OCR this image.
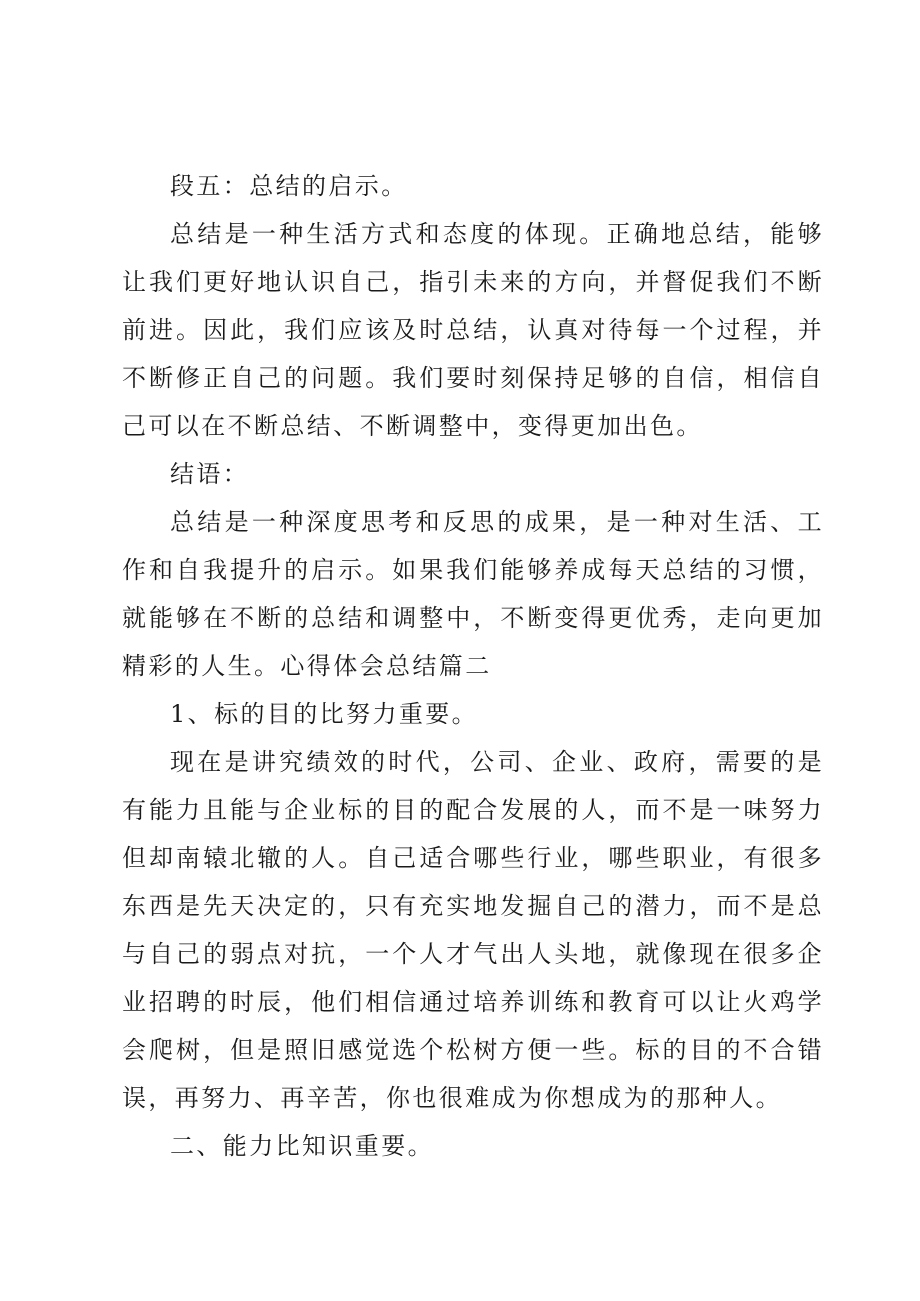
段五：总结的启示。

总结是一种生活方式和态度的体现。正确地总结，能够让我们更好地认识自己，指引未来的方向，并督促我们不断前进。因此，我们应该及时总结，认真对待每一个过程，并不断修正自己的问题。我们要时刻保持足够的自信，相信自己可以在不断总结、不断调整中，变得更加出色。

结语：

总结是一种深度思考和反思的成果，是一种对生活、工作和自我提升的启示。如果我们能够养成每天总结的习惯，就能够在不断的总结和调整中，不断变得更优秀，走向更加精彩的人生。心得体会总结篇二

1、标的目的比努力重要。

现在是讲究绩效的时代，公司、企业、政府，需要的是有能力且能与企业标的目的配合发展的人，而不是一味努力但却南辕北辙的人。自己适合哪些行业，哪些职业，有很多东西是先天决定的，只有充实地发掘自己的潜力，而不是总与自己的弱点对抗，一个人才气出人头地，就像现在很多企业招聘的时辰，他们相信通过培养训练和教育可以让火鸡学会爬树，但是照旧感觉选个松树方便一些。标的目的不合错误，再努力、再辛苦，你也很难成为你想成为的那种人。

二、能力比知识重要。
